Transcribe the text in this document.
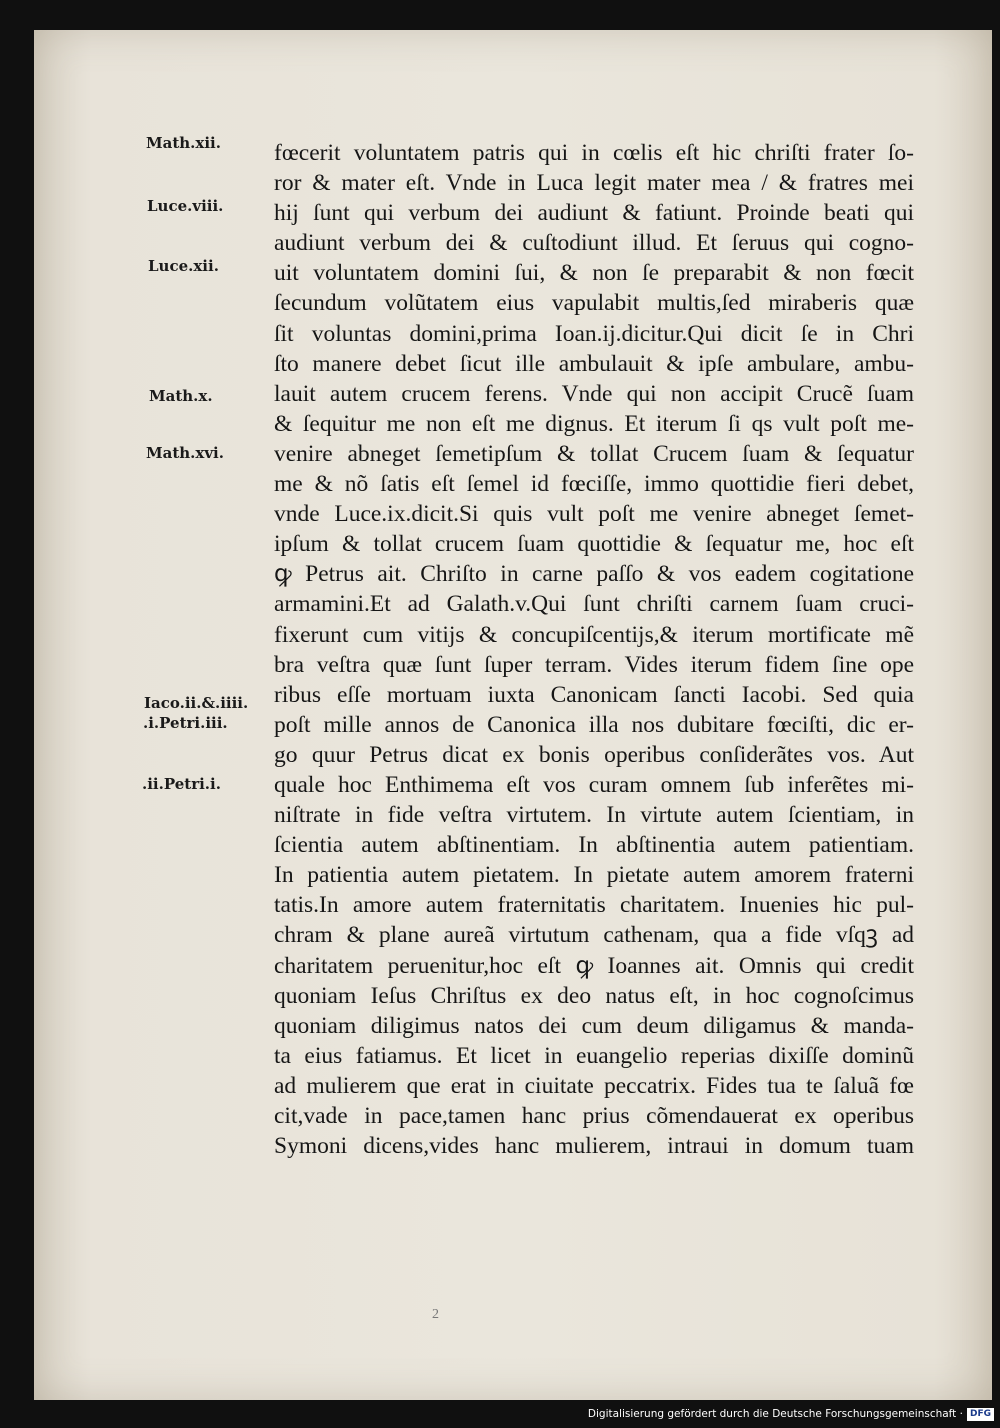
Math.xii.
Luce.viii.
Luce.xii.
Math.x.
Math.xvi.
Iaco.ii.&.iiii.
.i.Petri.iii.
.ii.Petri.i.
fœcerit voluntatem patris qui in cœlis eſt hic chriſti frater ſo-
ror & mater eſt. Vnde in Luca legit mater mea / & fratres mei
hij ſunt qui verbum dei audiunt & fatiunt. Proinde beati qui
audiunt verbum dei & cuſtodiunt illud. Et ſeruus qui cogno-
uit voluntatem domini ſui, & non ſe preparabit & non fœcit
ſecundum volũtatem eius vapulabit multis,ſed miraberis quæ
ſit voluntas domini,prima Ioan.ij.dicitur.Qui dicit ſe in Chri
ſto manere debet ſicut ille ambulauit & ipſe ambulare, ambu-
lauit autem crucem ferens. Vnde qui non accipit Crucẽ ſuam
& ſequitur me non eſt me dignus. Et iterum ſi qs vult poſt me-
venire abneget ſemetipſum & tollat Crucem ſuam & ſequatur
me & nõ ſatis eſt ſemel id fœciſſe, immo quottidie fieri debet,
vnde Luce.ix.dicit.Si quis vult poſt me venire abneget ſemet-
ipſum & tollat crucem ſuam quottidie & ſequatur me, hoc eſt
ꝙ Petrus ait. Chriſto in carne paſſo & vos eadem cogitatione
armamini.Et ad Galath.v.Qui ſunt chriſti carnem ſuam cruci-
fixerunt cum vitijs & concupiſcentijs,& iterum mortificate mẽ
bra veſtra quæ ſunt ſuper terram. Vides iterum fidem ſine ope
ribus eſſe mortuam iuxta Canonicam ſancti Iacobi. Sed quia
poſt mille annos de Canonica illa nos dubitare fœciſti, dic er-
go quur Petrus dicat ex bonis operibus conſiderãtes vos. Aut
quale hoc Enthimema eſt vos curam omnem ſub inferẽtes mi-
niſtrate in fide veſtra virtutem. In virtute autem ſcientiam, in
ſcientia autem abſtinentiam. In abſtinentia autem patientiam.
In patientia autem pietatem. In pietate autem amorem fraterni
tatis.In amore autem fraternitatis charitatem. Inuenies hic pul-
chram & plane aureã virtutum cathenam, qua a fide vſqꝫ ad
charitatem peruenitur,hoc eſt ꝙ Ioannes ait. Omnis qui credit
quoniam Ieſus Chriſtus ex deo natus eſt, in hoc cognoſcimus
quoniam diligimus natos dei cum deum diligamus & manda-
ta eius fatiamus. Et licet in euangelio reperias dixiſſe dominũ
ad mulierem que erat in ciuitate peccatrix. Fides tua te ſaluã fœ
cit,vade in pace,tamen hanc prius cõmendauerat ex operibus
Symoni dicens,vides hanc mulierem, intraui in domum tuam
2
Digitalisierung gefördert durch die Deutsche Forschungsgemeinschaft · DFG
